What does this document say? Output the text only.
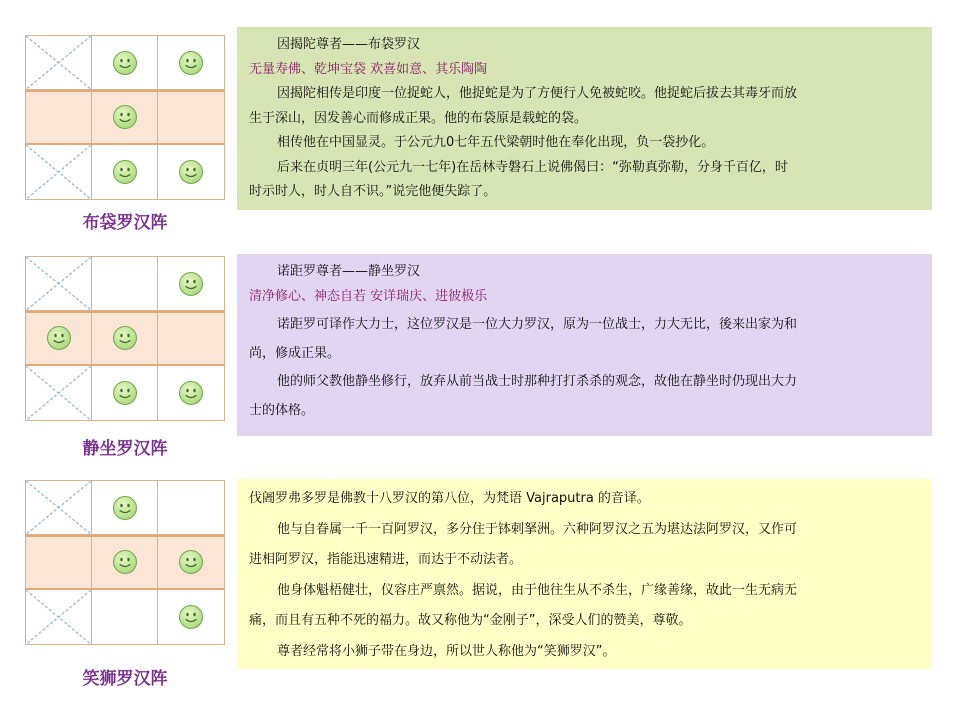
布袋罗汉阵
因揭陀尊者——布袋罗汉
无量寿佛、乾坤宝袋 欢喜如意、其乐陶陶
因揭陀相传是印度一位捉蛇人，他捉蛇是为了方便行人免被蛇咬。他捉蛇后拔去其毒牙而放
生于深山，因发善心而修成正果。他的布袋原是载蛇的袋。
相传他在中国显灵。于公元九0七年五代梁朝时他在奉化出现，负一袋抄化。
后来在贞明三年(公元九一七年)在岳林寺磐石上说佛偈曰：“弥勒真弥勒，分身千百亿，时
时示时人，时人自不识。”说完他便失踪了。
静坐罗汉阵
诺距罗尊者——静坐罗汉
清净修心、神态自若 安详瑞庆、进彼极乐
诺距罗可译作大力士，这位罗汉是一位大力罗汉，原为一位战士，力大无比，後来出家为和
尚，修成正果。
他的师父教他静坐修行，放弃从前当战士时那种打打杀杀的观念，故他在静坐时仍现出大力
士的体格。
笑狮罗汉阵
伐阇罗弗多罗是佛教十八罗汉的第八位，为梵语 Vajraputra 的音译。
他与自眷属一千一百阿罗汉，多分住于钵剌拏洲。六种阿罗汉之五为堪达法阿罗汉，又作可
进相阿罗汉，指能迅速精进，而达于不动法者。
他身体魁梧健壮，仪容庄严禀然。据说，由于他往生从不杀生，广缘善缘，故此一生无病无
痛，而且有五种不死的福力。故又称他为“金刚子”，深受人们的赞美，尊敬。
尊者经常将小狮子带在身边，所以世人称他为“笑狮罗汉”。
